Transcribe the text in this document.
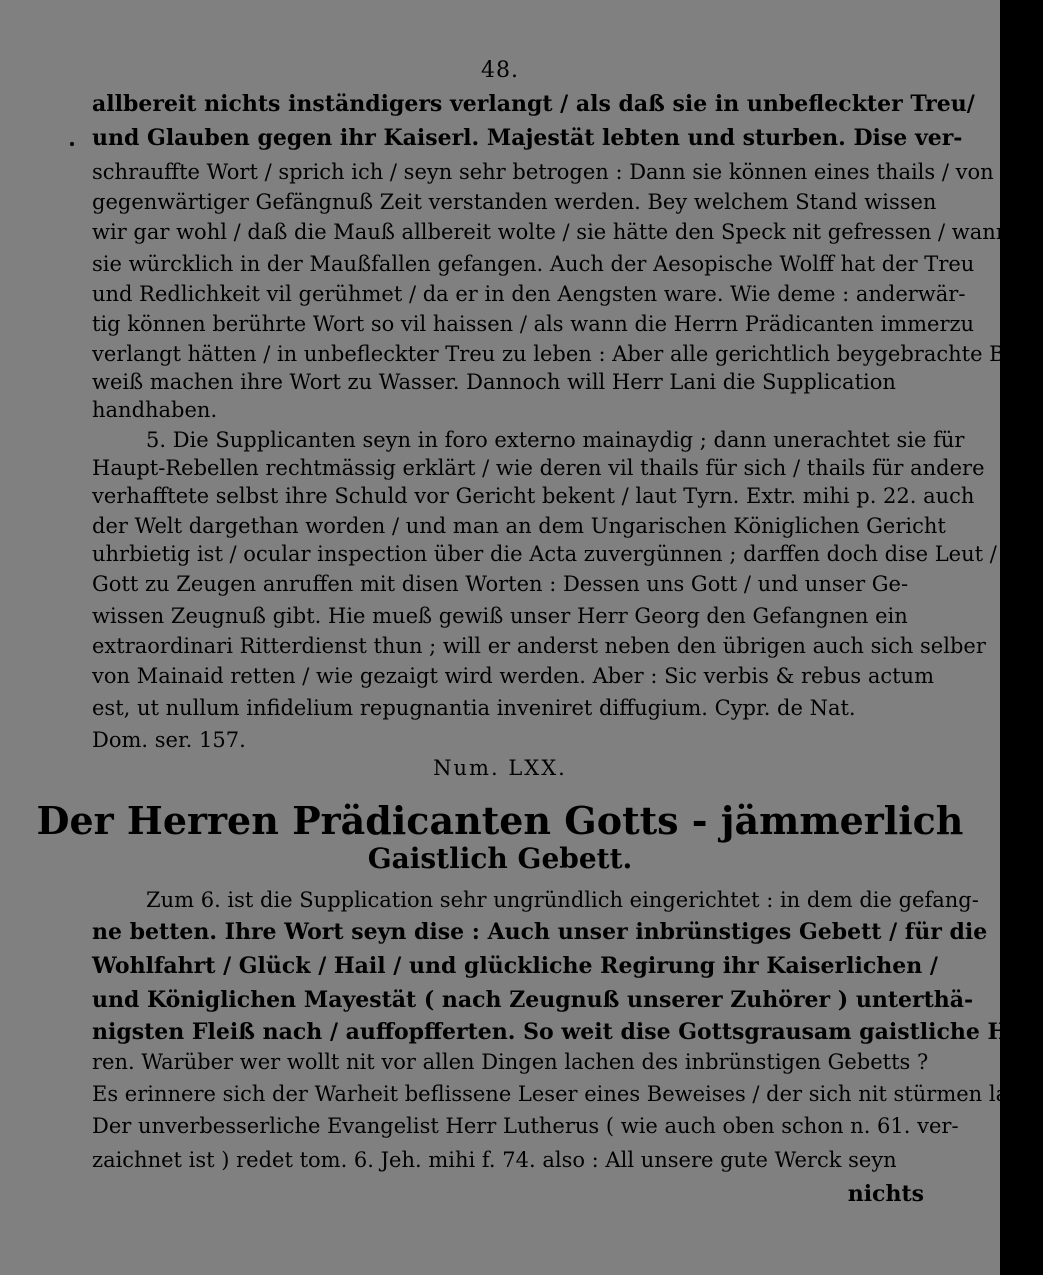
48.
allbereit nichts inständigers verlangt / als daß sie in unbefleckter Treu/
und Glauben gegen ihr Kaiserl. Majestät lebten und sturben. Dise ver-
schrauffte Wort / sprich ich / seyn sehr betrogen : Dann sie können eines thails / von
gegenwärtiger Gefängnuß Zeit verstanden werden. Bey welchem Stand wissen
wir gar wohl / daß die Mauß allbereit wolte / sie hätte den Speck nit gefressen / wann
sie würcklich in der Maußfallen gefangen. Auch der Aesopische Wolff hat der Treu
und Redlichkeit vil gerühmet / da er in den Aengsten ware. Wie deme : anderwär-
tig können berührte Wort so vil haissen / als wann die Herrn Prädicanten immerzu
verlangt hätten / in unbefleckter Treu zu leben : Aber alle gerichtlich beygebrachte Be-
weiß machen ihre Wort zu Wasser. Dannoch will Herr Lani die Supplication
handhaben.
5. Die Supplicanten seyn in foro externo mainaydig ; dann unerachtet sie für
Haupt-Rebellen rechtmässig erklärt / wie deren vil thails für sich / thails für andere
verhafftete selbst ihre Schuld vor Gericht bekent / laut Tyrn. Extr. mihi p. 22. auch
der Welt dargethan worden / und man an dem Ungarischen Königlichen Gericht
uhrbietig ist / ocular inspection über die Acta zuvergünnen ; darffen doch dise Leut /
Gott zu Zeugen anruffen mit disen Worten : Dessen uns Gott / und unser Ge-
wissen Zeugnuß gibt. Hie mueß gewiß unser Herr Georg den Gefangnen ein
extraordinari Ritterdienst thun ; will er anderst neben den übrigen auch sich selber
von Mainaid retten / wie gezaigt wird werden. Aber : Sic verbis & rebus actum
est, ut nullum infidelium repugnantia inveniret diffugium. Cypr. de Nat.
Dom. ser. 157.
Num. LXX.
Der Herren Prädicanten Gotts - jämmerlich
Gaistlich Gebett.
Zum 6. ist die Supplication sehr ungründlich eingerichtet : in dem die gefang-
ne betten. Ihre Wort seyn dise : Auch unser inbrünstiges Gebett / für die
Wohlfahrt / Glück / Hail / und glückliche Regirung ihr Kaiserlichen /
und Königlichen Mayestät ( nach Zeugnuß unserer Zuhörer ) unterthä-
nigsten Fleiß nach / auffopfferten. So weit dise Gottsgrausam gaistliche Her-
ren. Warüber wer wollt nit vor allen Dingen lachen des inbrünstigen Gebetts ?
Es erinnere sich der Warheit beflissene Leser eines Beweises / der sich nit stürmen last.
Der unverbesserliche Evangelist Herr Lutherus ( wie auch oben schon n. 61. ver-
zaichnet ist ) redet tom. 6. Jeh. mihi f. 74. also : All unsere gute Werck seyn
nichts
